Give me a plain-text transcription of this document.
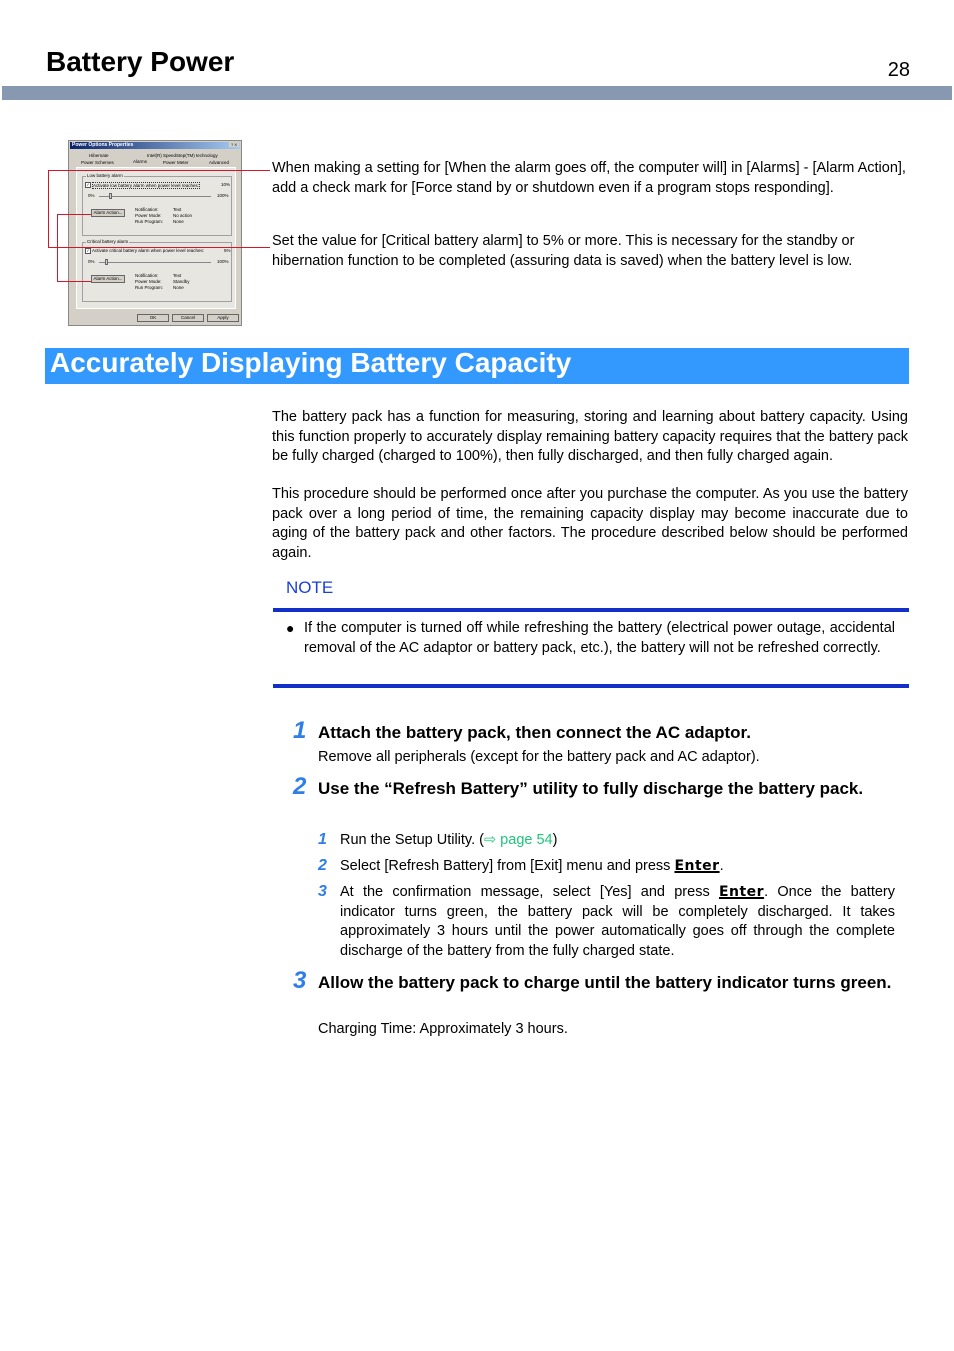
Battery Power	28
Power Options Properties	? X
Hibernate	Intel(R) SpeedStep(TM) technology
Power Schemes	Alarms	Power Meter	Advanced
Low battery alarm
✓ Activate low battery alarm when power level reaches:	10%
0%	100%
Alarm Action...
Notification:	Text
Power Mode:	No action
Run Program: None
Critical battery alarm
✓ Activate critical battery alarm when power level reaches:	5%
0%	100%
Alarm Action...
Notification:	Text
Power Mode:	Standby
Run Program: None
OK	Cancel	Apply
When making a setting for [When the alarm goes off, the computer will] in [Alarms] - [Alarm Action], add a check mark for [Force stand by or shutdown even if a program stops responding].
Set the value for [Critical battery alarm] to 5% or more. This is necessary for the standby or hibernation function to be completed (assuring data is saved) when the battery level is low.
Accurately Displaying Battery Capacity
The battery pack has a function for measuring, storing and learning about battery capacity. Using this function properly to accurately display remaining battery capacity requires that the battery pack be fully charged (charged to 100%), then fully discharged, and then fully charged again.
This procedure should be performed once after you purchase the computer. As you use the battery pack over a long period of time, the remaining capacity display may become inaccurate due to aging of the battery pack and other factors. The procedure described below should be performed again.
NOTE
● If the computer is turned off while refreshing the battery (electrical power outage, accidental removal of the AC adaptor or battery pack, etc.), the battery will not be refreshed correctly.
1 Attach the battery pack, then connect the AC adaptor.
Remove all peripherals (except for the battery pack and AC adaptor).
2 Use the “Refresh Battery” utility to fully discharge the battery pack.
1 Run the Setup Utility. (⇨ page 54)
2 Select [Refresh Battery] from [Exit] menu and press Enter.
3 At the confirmation message, select [Yes] and press Enter. Once the battery indicator turns green, the battery pack will be completely discharged. It takes approximately 3 hours until the power automatically goes off through the complete discharge of the battery from the fully charged state.
3 Allow the battery pack to charge until the battery indicator turns green.
Charging Time: Approximately 3 hours.
